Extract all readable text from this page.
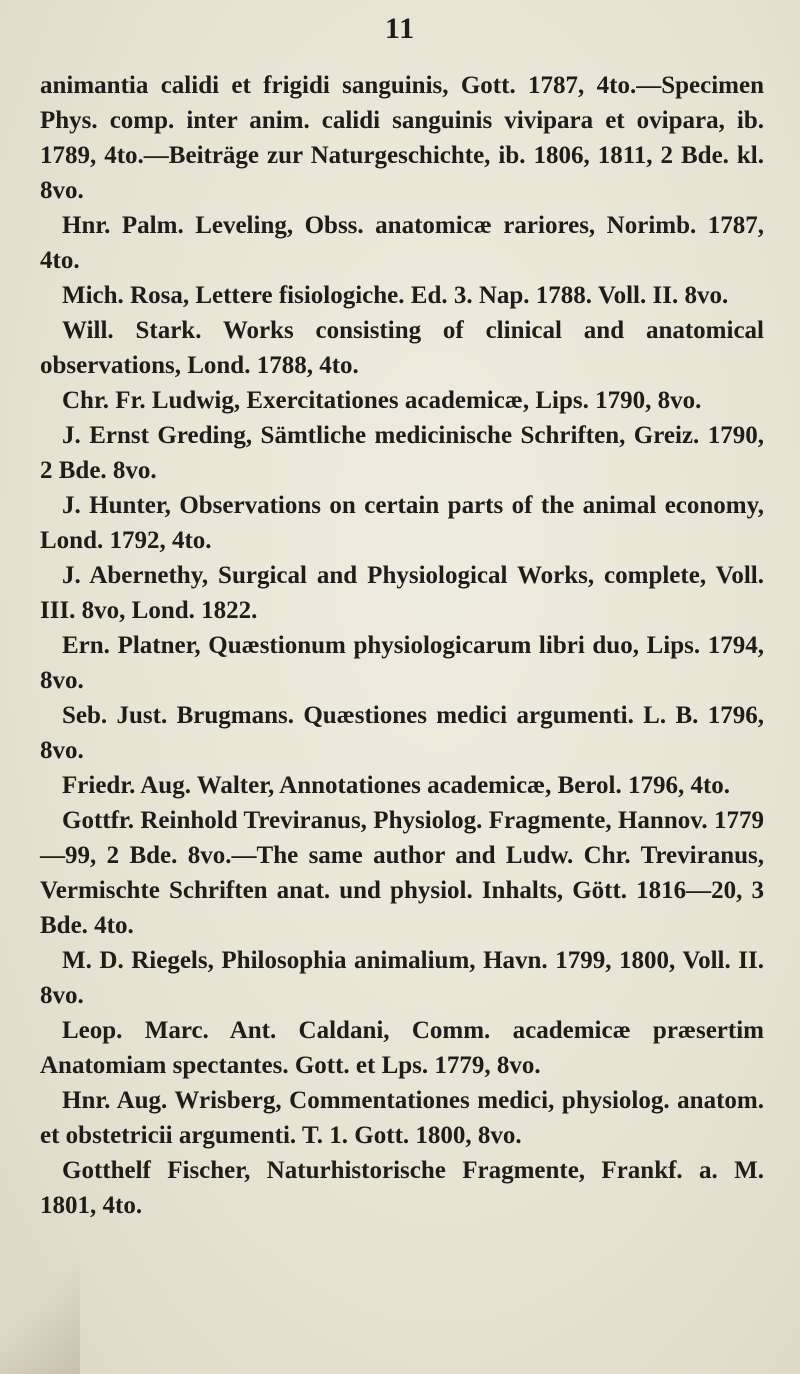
11

animantia calidi et frigidi sanguinis, Gott. 1787, 4to.—Specimen Phys. comp. inter anim. calidi sanguinis vivipara et ovipara, ib. 1789, 4to.—Beiträge zur Naturgeschichte, ib. 1806, 1811, 2 Bde. kl. 8vo.

Hnr. Palm. Leveling, Obss. anatomicæ rariores, Norimb. 1787, 4to.

Mich. Rosa, Lettere fisiologiche. Ed. 3. Nap. 1788. Voll. II. 8vo.

Will. Stark. Works consisting of clinical and anatomical observations, Lond. 1788, 4to.

Chr. Fr. Ludwig, Exercitationes academicæ, Lips. 1790, 8vo.

J. Ernst Greding, Sämtliche medicinische Schriften, Greiz. 1790, 2 Bde. 8vo.

J. Hunter, Observations on certain parts of the animal economy, Lond. 1792, 4to.

J. Abernethy, Surgical and Physiological Works, complete, Voll. III. 8vo, Lond. 1822.

Ern. Platner, Quæstionum physiologicarum libri duo, Lips. 1794, 8vo.

Seb. Just. Brugmans. Quæstiones medici argumenti. L. B. 1796, 8vo.

Friedr. Aug. Walter, Annotationes academicæ, Berol. 1796, 4to.

Gottfr. Reinhold Treviranus, Physiolog. Fragmente, Hannov. 1779—99, 2 Bde. 8vo.—The same author and Ludw. Chr. Treviranus, Vermischte Schriften anat. und physiol. Inhalts, Gött. 1816—20, 3 Bde. 4to.

M. D. Riegels, Philosophia animalium, Havn. 1799, 1800, Voll. II. 8vo.

Leop. Marc. Ant. Caldani, Comm. academicæ præsertim Anatomiam spectantes. Gott. et Lps. 1779, 8vo.

Hnr. Aug. Wrisberg, Commentationes medici, physiolog. anatom. et obstetricii argumenti. T. 1. Gott. 1800, 8vo.

Gotthelf Fischer, Naturhistorische Fragmente, Frankf. a. M. 1801, 4to.
